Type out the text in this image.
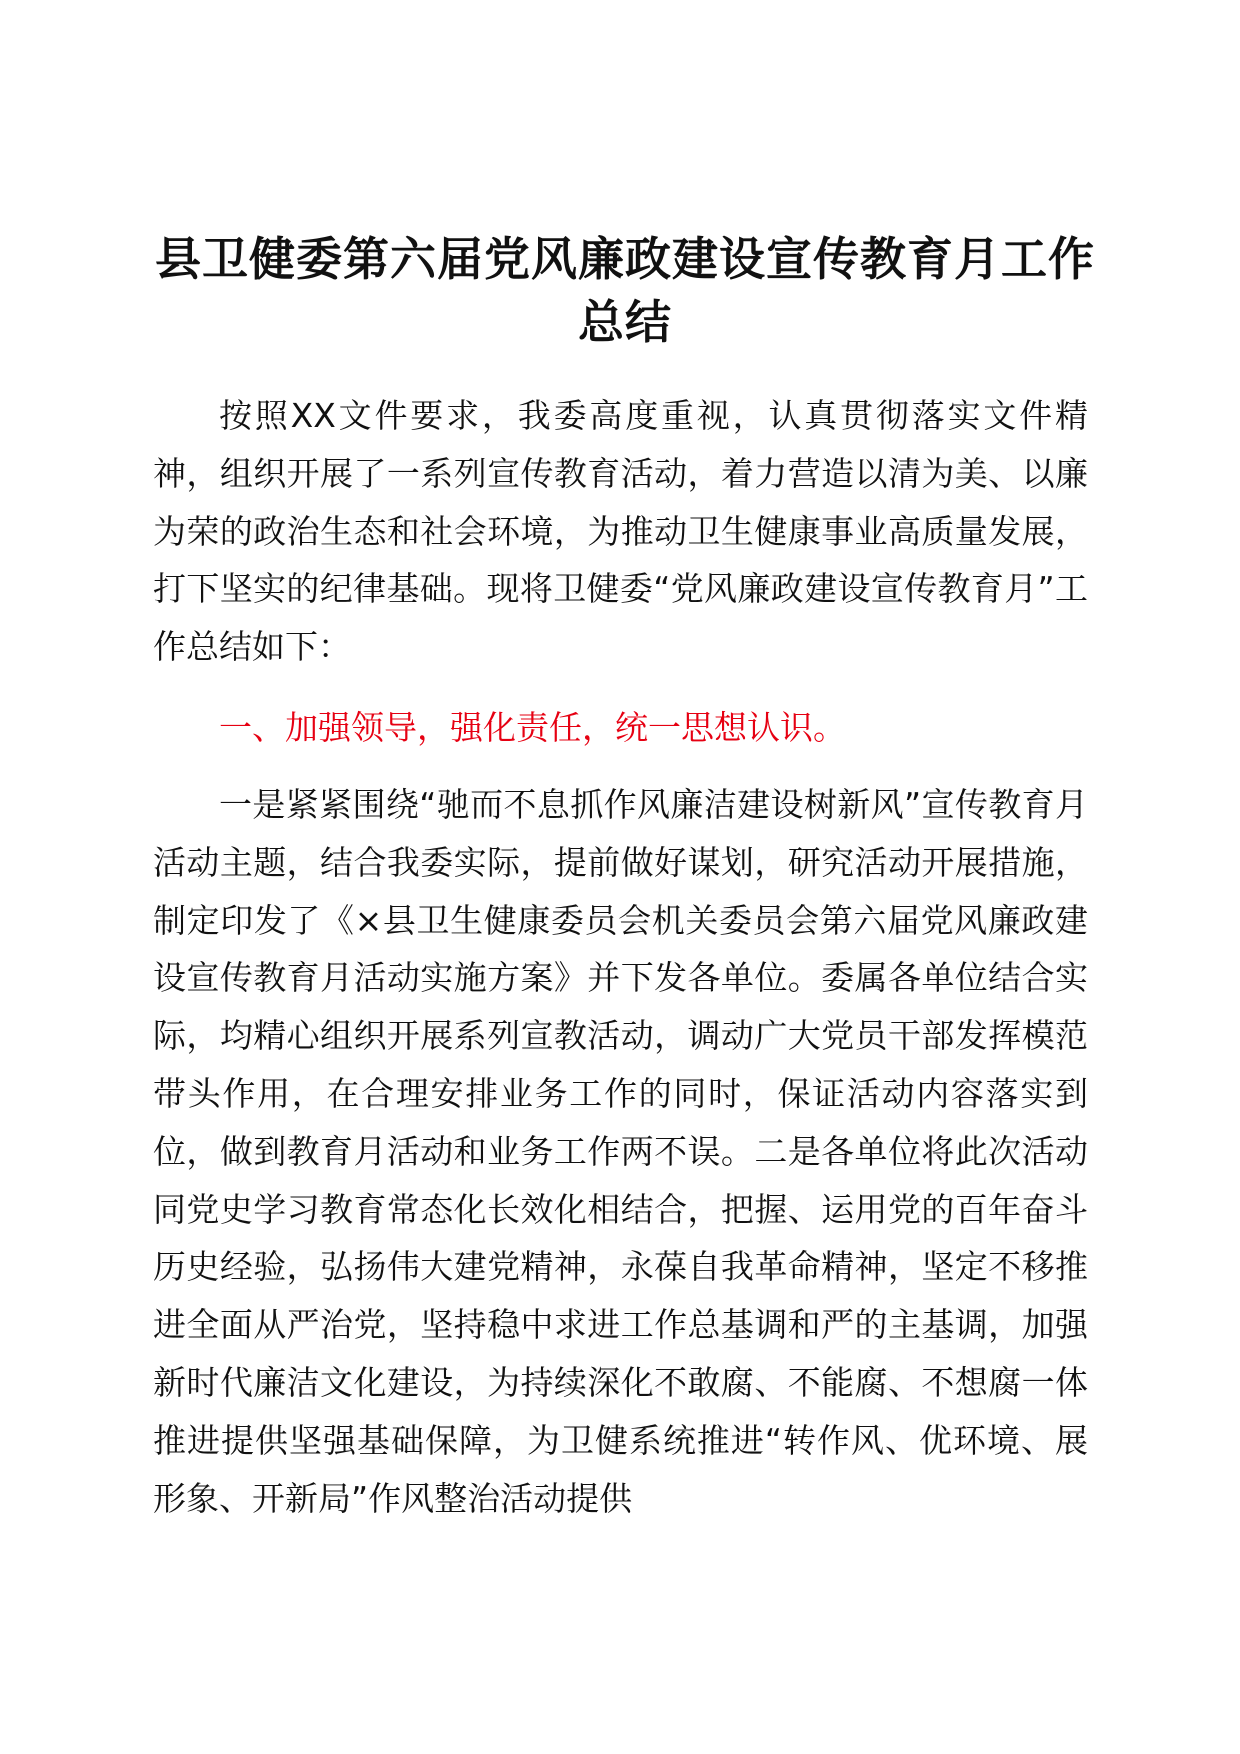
县卫健委第六届党风廉政建设宣传教育月工作总结

按照XX文件要求，我委高度重视，认真贯彻落实文件精神，组织开展了一系列宣传教育活动，着力营造以清为美、以廉为荣的政治生态和社会环境，为推动卫生健康事业高质量发展，打下坚实的纪律基础。现将卫健委“党风廉政建设宣传教育月”工作总结如下：

一、加强领导，强化责任，统一思想认识。

一是紧紧围绕“驰而不息抓作风廉洁建设树新风”宣传教育月活动主题，结合我委实际，提前做好谋划，研究活动开展措施，制定印发了《×县卫生健康委员会机关委员会第六届党风廉政建设宣传教育月活动实施方案》并下发各单位。委属各单位结合实际，均精心组织开展系列宣教活动，调动广大党员干部发挥模范带头作用，在合理安排业务工作的同时，保证活动内容落实到位，做到教育月活动和业务工作两不误。二是各单位将此次活动同党史学习教育常态化长效化相结合，把握、运用党的百年奋斗历史经验，弘扬伟大建党精神，永葆自我革命精神，坚定不移推进全面从严治党，坚持稳中求进工作总基调和严的主基调，加强新时代廉洁文化建设，为持续深化不敢腐、不能腐、不想腐一体推进提供坚强基础保障，为卫健系统推进“转作风、优环境、展形象、开新局”作风整治活动提供
